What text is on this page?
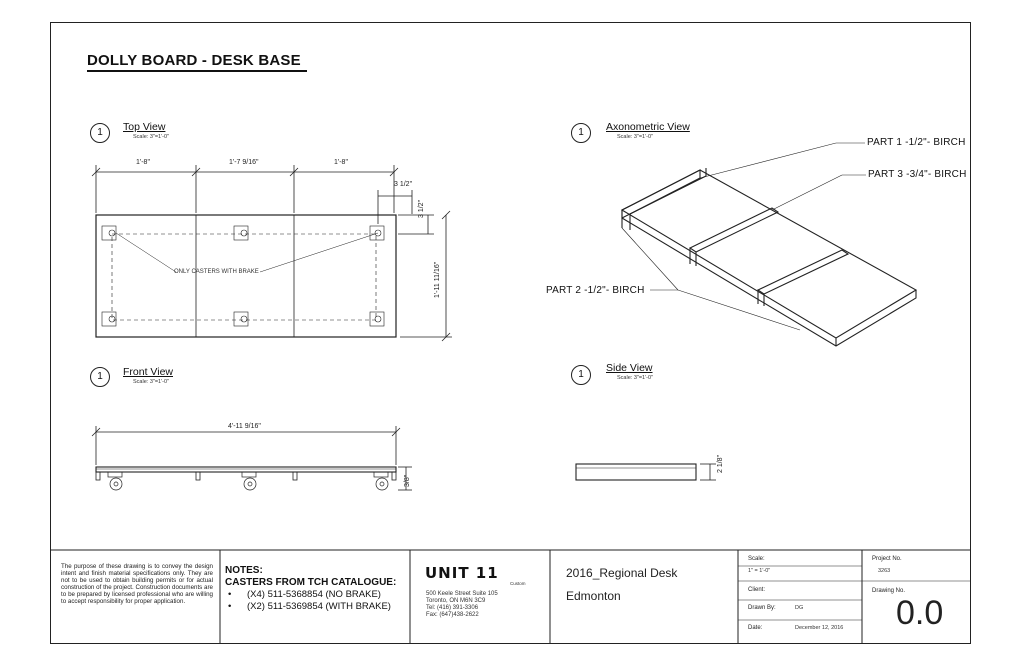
DOLLY BOARD - DESK BASE
1	Top View
Scale: 3"=1'-0"
1	Front View
Scale: 3"=1'-0"
1	Axonometric View
Scale: 3"=1'-0"
1
Side View
Scale: 3"=1'-0"
1'-8"	1'-7 9/16"	1'-8"
3 1/2"
3 1/2"
1'-11 11/16"
4'-11 9/16"
3/8"
2 1/8"
ONLY CASTERS WITH BRAKE
PART 1 -1/2"- BIRCH
PART 3 -3/4"- BIRCH
PART 2 -1/2"- BIRCH
The purpose of these drawing is to convey the design intent and finish material specifications only. They are not to be used to obtain building permits or for actual construction of the project. Construction documents are to be prepared by licensed professional who are willing to accept responsibility for proper application.
NOTES:
CASTERS FROM TCH CATALOGUE:
• (X4) 511-5368854 (NO BRAKE)
• (X2) 511-5369854 (WITH BRAKE)
UNIT 11
Custom
500 Keele Street Suite 105
Toronto, ON M6N 3C9
Tel: (416) 391-3306
Fax: (647)438-2622
2016_Regional Desk
Edmonton
Scale:
1" = 1'-0"
Client:
Drawn By:	DG
Date:	December 12, 2016
Project No.
3263
Drawing No.
0.0
